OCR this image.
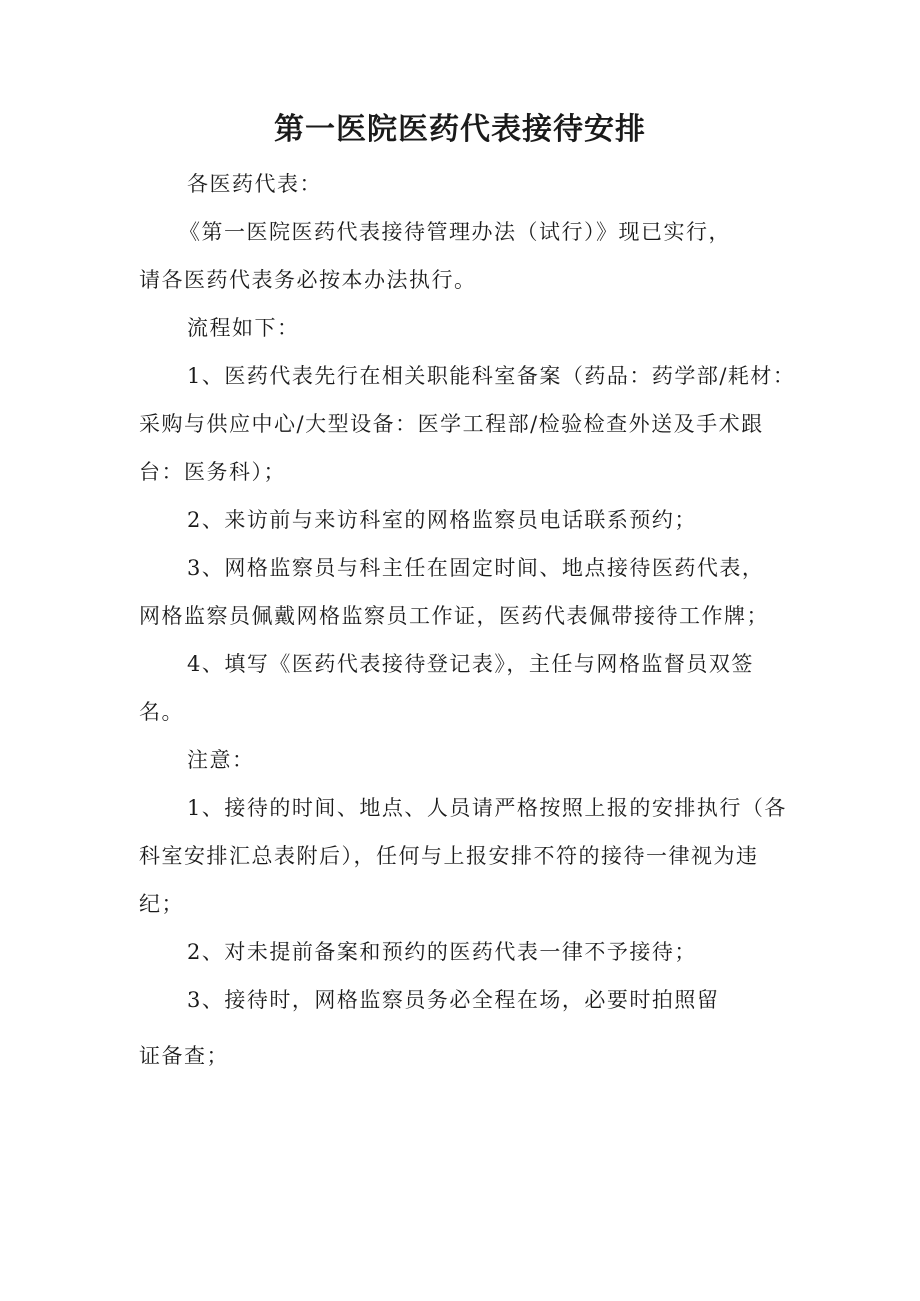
第一医院医药代表接待安排
各医药代表：
《第一医院医药代表接待管理办法（试行）》现已实行，
请各医药代表务必按本办法执行。
流程如下：
1、医药代表先行在相关职能科室备案（药品：药学部/耗材：
采购与供应中心/大型设备：医学工程部/检验检查外送及手术跟
台：医务科）；
2、来访前与来访科室的网格监察员电话联系预约；
3、网格监察员与科主任在固定时间、地点接待医药代表，
网格监察员佩戴网格监察员工作证，医药代表佩带接待工作牌；
4、填写《医药代表接待登记表》，主任与网格监督员双签
名。
注意：
1、接待的时间、地点、人员请严格按照上报的安排执行（各
科室安排汇总表附后），任何与上报安排不符的接待一律视为违
纪；
2、对未提前备案和预约的医药代表一律不予接待；
3、接待时，网格监察员务必全程在场，必要时拍照留
证备查；
